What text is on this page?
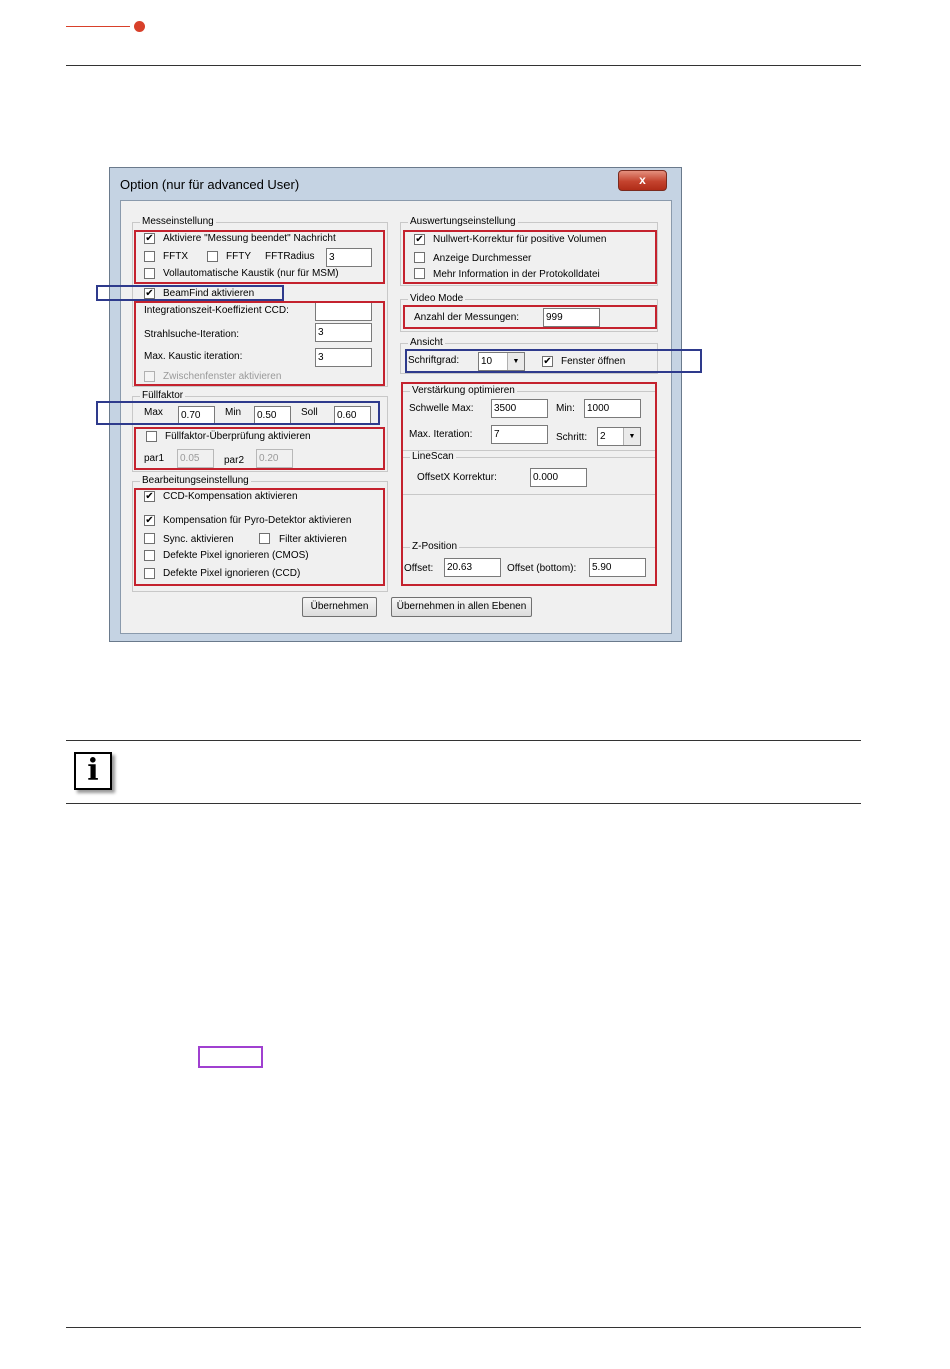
Option (nur für advanced User)	x
Messeinstellung
✔ Aktiviere "Messung beendet" Nachricht
FFTX	FFTY FFTRadius	3
Vollautomatische Kaustik (nur für MSM)
✔ BeamFind aktivieren
Integrationszeit-Koeffizient CCD:
Strahlsuche-Iteration:	3
Max. Kaustic iteration:	3
Zwischenfenster aktivieren
Füllfaktor
Max	0.70	Min	0.50	Soll	0.60
Füllfaktor-Überprüfung aktivieren
par1	0.05	par2	0.20
Bearbeitungseinstellung
✔ CCD-Kompensation aktivieren
✔ Kompensation für Pyro-Detektor aktivieren
Sync. aktivieren	Filter aktivieren
Defekte Pixel ignorieren (CMOS)
Defekte Pixel ignorieren (CCD)
Auswertungseinstellung
✔ Nullwert-Korrektur für positive Volumen
Anzeige Durchmesser
Mehr Information in der Protokolldatei
Video Mode
Anzahl der Messungen:	999
Ansicht
Schriftgrad:	10	▼	✔ Fenster öffnen
Verstärkung optimieren
Schwelle Max:	3500	Min:	1000
Max. Iteration:	7	Schritt:	2	▼
LineScan
OffsetX Korrektur:	0.000
Z-Position
Offset:	20.63	Offset (bottom):	5.90
Übernehmen	Übernehmen in allen Ebenen
i
